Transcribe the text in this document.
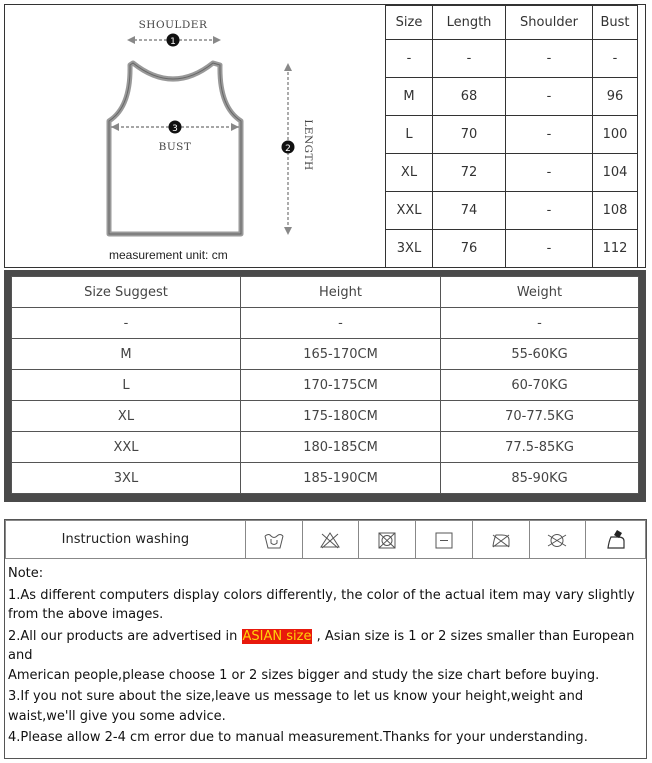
SHOULDER
1
3
BUST	2 LENGTH
measurement unit: cm
Size	Length	Shoulder	Bust
-	-	-	-
M	68	-	96
L	70	-	100
XL	72	-	104
XXL	74	-	108
3XL	76	-	112
Size Suggest	Height	Weight
-	-	-
M	165-170CM	55-60KG
L	170-175CM	60-70KG
XL	175-180CM	70-77.5KG
XXL	180-185CM	77.5-85KG
3XL	185-190CM	85-90KG
Instruction washing							

Note:

1.As different computers display colors differently, the color of the actual item may vary slightly from the above images.

2.All our products are advertised in ASIAN size , Asian size is 1 or 2 sizes smaller than European and

American people,please choose 1 or 2 sizes bigger and study the size chart before buying.

3.If you not sure about the size,leave us message to let us know your height,weight and waist,we'll give you some advice.

4.Please allow 2-4 cm error due to manual measurement.Thanks for your understanding.
